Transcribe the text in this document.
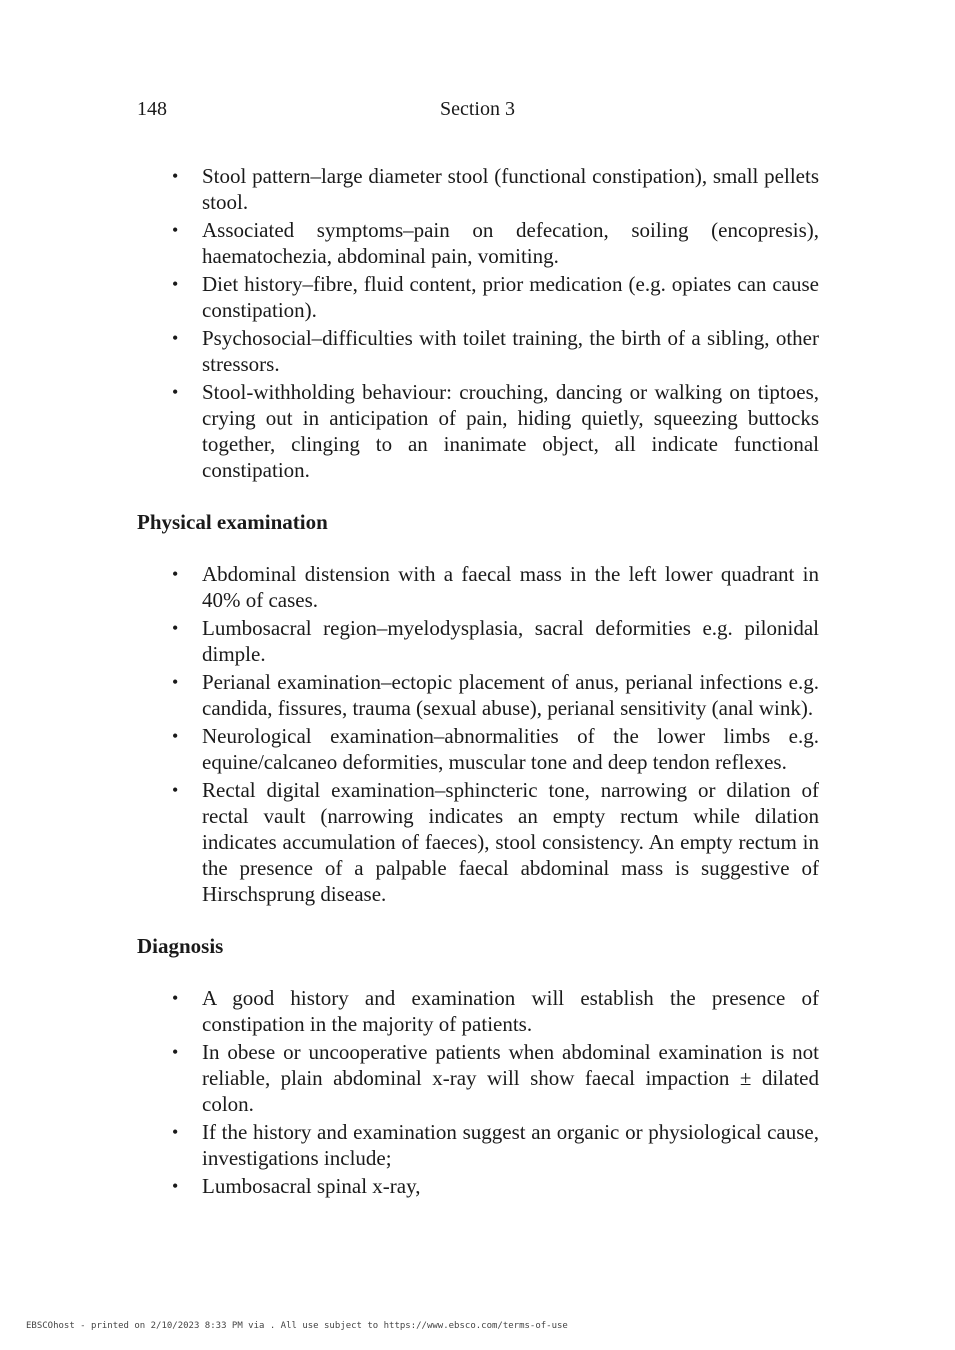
148	Section 3
• Stool pattern–large diameter stool (functional constipation), small pellets stool.
• Associated symptoms–pain on defecation, soiling (encopresis), haematochezia, abdominal pain, vomiting.
• Diet history–fibre, fluid content, prior medication (e.g. opiates can cause constipation).
• Psychosocial–difficulties with toilet training, the birth of a sibling, other stressors.
• Stool-withholding behaviour: crouching, dancing or walking on tiptoes, crying out in anticipation of pain, hiding quietly, squeezing buttocks together, clinging to an inanimate object, all indicate functional constipation.
Physical examination
• Abdominal distension with a faecal mass in the left lower quadrant in 40% of cases.
• Lumbosacral region–myelodysplasia, sacral deformities e.g. pilonidal dimple.
• Perianal examination–ectopic placement of anus, perianal infections e.g. candida, fissures, trauma (sexual abuse), perianal sensitivity (anal wink).
• Neurological examination–abnormalities of the lower limbs e.g. equine/calcaneo deformities, muscular tone and deep tendon reflexes.
• Rectal digital examination–sphincteric tone, narrowing or dilation of rectal vault (narrowing indicates an empty rectum while dilation indicates accumulation of faeces), stool consistency. An empty rectum in the presence of a palpable faecal abdominal mass is suggestive of Hirschsprung disease.
Diagnosis
• A good history and examination will establish the presence of constipation in the majority of patients.
• In obese or uncooperative patients when abdominal examination is not reliable, plain abdominal x-ray will show faecal impaction ± dilated colon.
• If the history and examination suggest an organic or physiological cause, investigations include;
• Lumbosacral spinal x-ray,
EBSCOhost - printed on 2/10/2023 8:33 PM via . All use subject to https://www.ebsco.com/terms-of-use
